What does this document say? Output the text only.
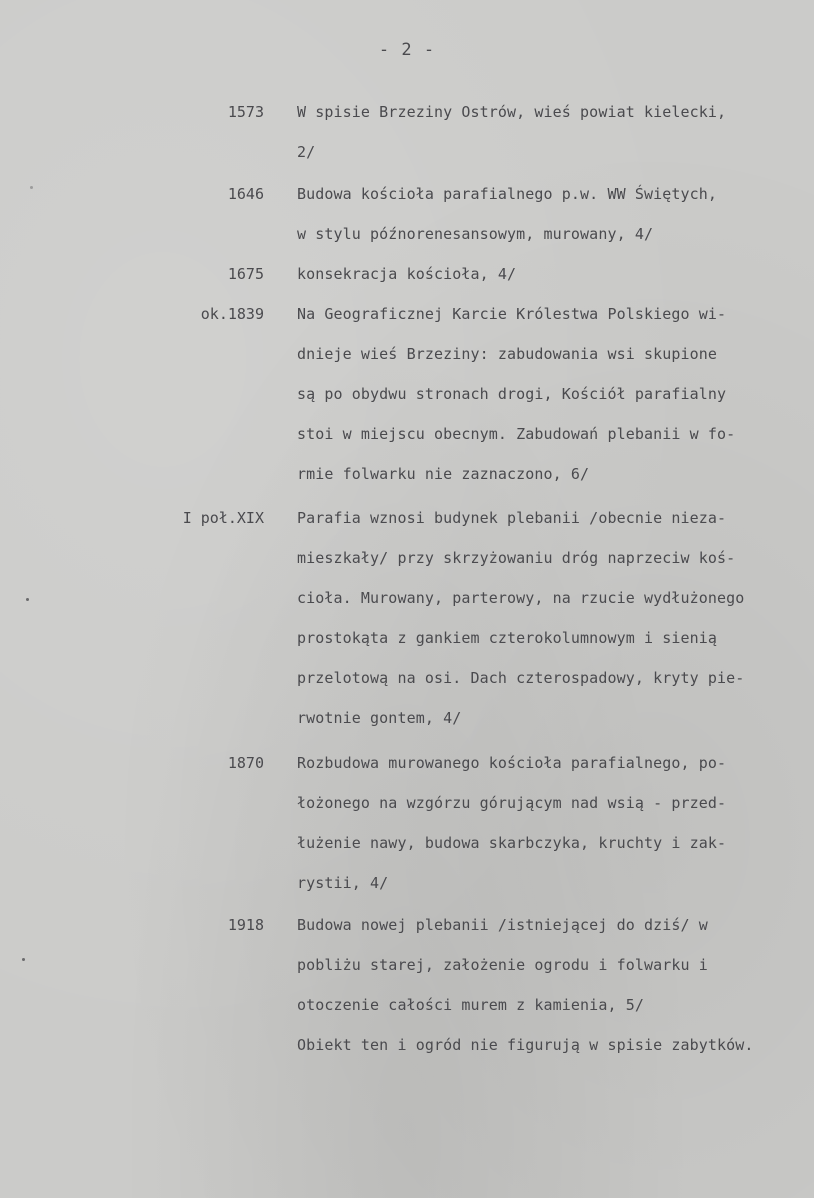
- 2 -
1573 W spisie Brzeziny Ostrów, wieś powiat kielecki,
2/
1646 Budowa kościoła parafialnego p.w. WW Świętych,
w stylu późnorenesansowym, murowany, 4/
1675 konsekracja kościoła, 4/
ok.1839 Na Geograficznej Karcie Królestwa Polskiego wi-
dnieje wieś Brzeziny: zabudowania wsi skupione
są po obydwu stronach drogi, Kościół parafialny
stoi w miejscu obecnym. Zabudowań plebanii w fo-
rmie folwarku nie zaznaczono, 6/
I poł.XIX Parafia wznosi budynek plebanii /obecnie nieza-
mieszkały/ przy skrzyżowaniu dróg naprzeciw koś-
cioła. Murowany, parterowy, na rzucie wydłużonego
prostokąta z gankiem czterokolumnowym i sienią
przelotową na osi. Dach czterospadowy, kryty pie-
rwotnie gontem, 4/
1870 Rozbudowa murowanego kościoła parafialnego, po-
łożonego na wzgórzu górującym nad wsią - przed-
łużenie nawy, budowa skarbczyka, kruchty i zak-
rystii, 4/
1918 Budowa nowej plebanii /istniejącej do dziś/ w
pobliżu starej, założenie ogrodu i folwarku i
otoczenie całości murem z kamienia, 5/
Obiekt ten i ogród nie figurują w spisie zabytków.
